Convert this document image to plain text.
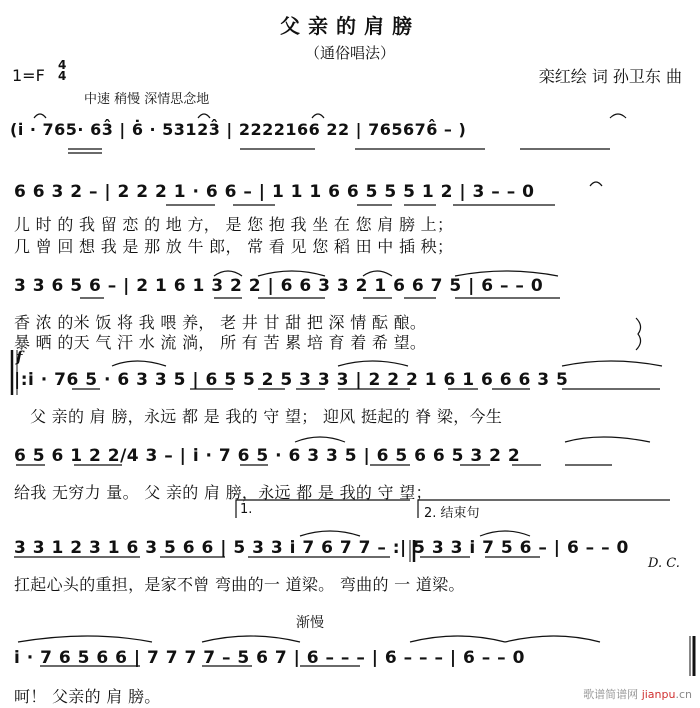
父亲的肩膀
（通俗唱法）
1=F
4
4
中速 稍慢 深情思念地
栾红绘 词 孙卫东 曲
(i̇ · 765· 63̂ | 6̇ · 53123̂ | 2222166 22 | 765676̂ – )
6 6 3 2 – | 2 2 2 1 · 6 6 – | 1 1 1 6 6 5 5 5 1 2 | 3 – – 0
儿 时 的 我 留 恋 的 地 方， 是 您 抱 我 坐 在 您 肩 膀 上；
几 曾 回 想 我 是 那 放 牛 郎， 常 看 见 您 稻 田 中 插 秧；
3 3 6 5 6 – | 2 1 6 1 3 2 2 | 6 6 3 3 2 1 6 6 7 5 | 6 – – 0
香 浓 的米 饭 将 我 喂 养， 老 井 甘 甜 把 深 情 酝 酿。
暴 晒 的天 气 汗 水 流 淌， 所 有 苦 累 培 育 着 希 望。
f
|:i̇ · 76 5 · 6 3 3 5 | 6 5 5 2 5 3 3 3 | 2 2 2 1 6 1 6 6 6 3 5
父 亲的 肩 膀，永远 都 是 我的 守 望； 迎风 挺起的 脊 梁，今生
6 5 6 1 2 2/4 3 – | i̇ · 7 6 5 · 6 3 3 5 | 6 5 6 6 5 3 2 2
给我 无穷力 量。 父 亲的 肩 膀，永远 都 是 我的 守 望；
1.	2. 结束句
3 3 1 2 3 1 6 3 5 6 6 | 5 3 3 i̇ 7 6 7 7 – :| 5 3 3 i̇ 7 5 6 – | 6 – – 0
D. C.
扛起心头的重担，是家不曾 弯曲的一 道梁。 弯曲的 一 道梁。
渐慢
i̇ · 7 6 5 6 6 | 7 7 7 7 – 5 6 7 | 6 – – – | 6 – – – | 6 – – 0
呵！ 父亲的 肩 膀。	歌谱简谱网 jianpu.cn
